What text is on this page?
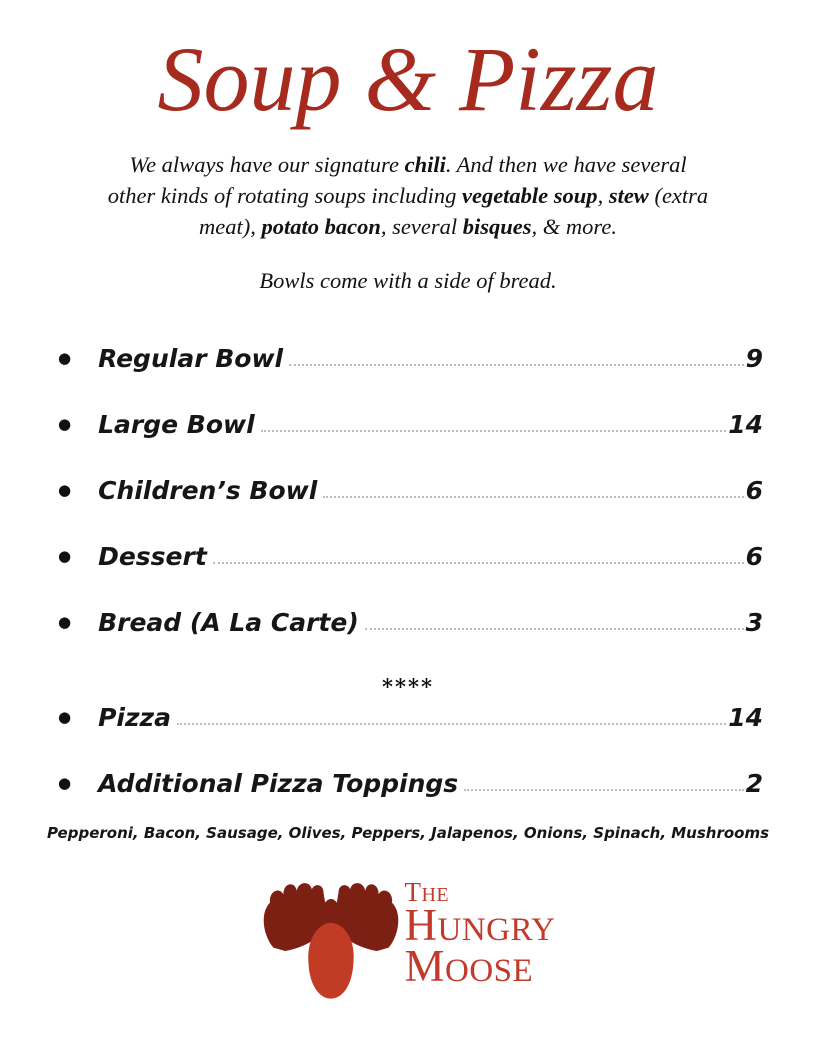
Soup & Pizza
We always have our signature chili. And then we have several
other kinds of rotating soups including vegetable soup, stew (extra
meat), potato bacon, several bisques, & more.

Bowls come with a side of bread.

● Regular Bowl	9
● Large Bowl	14
● Children’s Bowl	6
● Dessert	6
● Bread (A La Carte)	3
****
● Pizza	14
● Additional Pizza Toppings	2

Pepperoni, Bacon, Sausage, Olives, Peppers, Jalapenos, Onions, Spinach, Mushrooms

THE
HUNGRY
MOOSE
